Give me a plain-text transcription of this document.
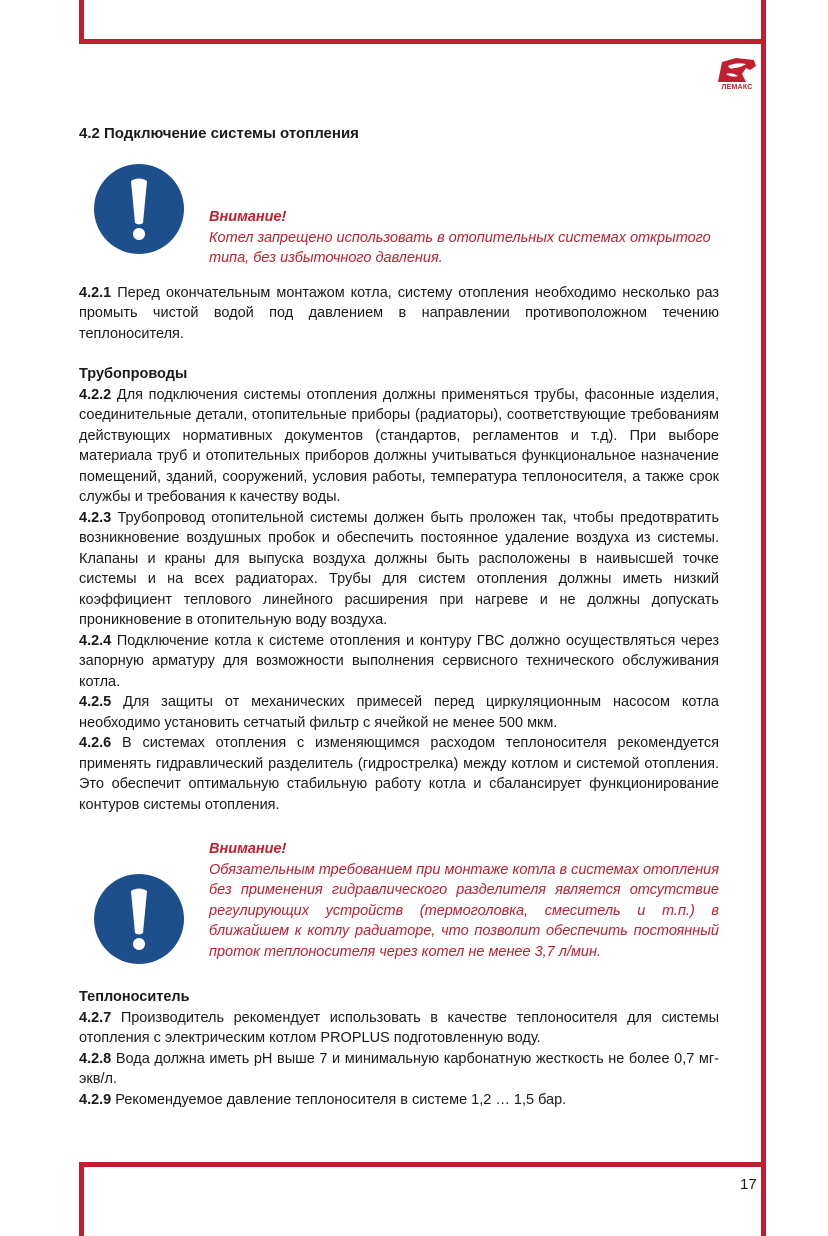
ЛЕМАКС
4.2 Подключение системы отопления
Внимание!
Котел запрещено использовать в отопительных системах открытого типа, без избыточного давления.

4.2.1 Перед окончательным монтажом котла, систему отопления необходимо несколько раз промыть чистой водой под давлением в направлении противоположном течению теплоносителя.

Трубопроводы

4.2.2 Для подключения системы отопления должны применяться трубы, фасонные изделия, соединительные детали, отопительные приборы (радиаторы), соответствующие требованиям действующих нормативных документов (стандартов, регламентов и т.д). При выборе материала труб и отопительных приборов должны учитываться функциональное назначение помещений, зданий, сооружений, условия работы, температура теплоносителя, а также срок службы и требования к качеству воды.

4.2.3 Трубопровод отопительной системы должен быть проложен так, чтобы предотвратить возникновение воздушных пробок и обеспечить постоянное удаление воздуха из системы. Клапаны и краны для выпуска воздуха должны быть расположены в наивысшей точке системы и на всех радиаторах. Трубы для систем отопления должны иметь низкий коэффициент теплового линейного расширения при нагреве и не должны допускать проникновение в отопительную воду воздуха.

4.2.4 Подключение котла к системе отопления и контуру ГВС должно осуществляться через запорную арматуру для возможности выполнения сервисного технического обслуживания котла.

4.2.5 Для защиты от механических примесей перед циркуляционным насосом котла необходимо установить сетчатый фильтр с ячейкой не менее 500 мкм.

4.2.6 В системах отопления с изменяющимся расходом теплоносителя рекомендуется применять гидравлический разделитель (гидрострелка) между котлом и системой отопления. Это обеспечит оптимальную стабильную работу котла и сбалансирует функционирование контуров системы отопления.

Внимание!
Обязательным требованием при монтаже котла в системах отопления без применения гидравлического разделителя является отсутствие регулирующих устройств (термоголовка, смеситель и т.п.) в ближайшем к котлу радиаторе, что позволит обеспечить постоянный проток теплоносителя через котел не менее 3,7 л/мин.
Теплоноситель

4.2.7 Производитель рекомендует использовать в качестве теплоносителя для системы отопления с электрическим котлом PROPLUS подготовленную воду.

4.2.8 Вода должна иметь pH выше 7 и минимальную карбонатную жесткость не более 0,7 мг-экв/л.

4.2.9 Рекомендуемое давление теплоносителя в системе 1,2 … 1,5 бар.

17
